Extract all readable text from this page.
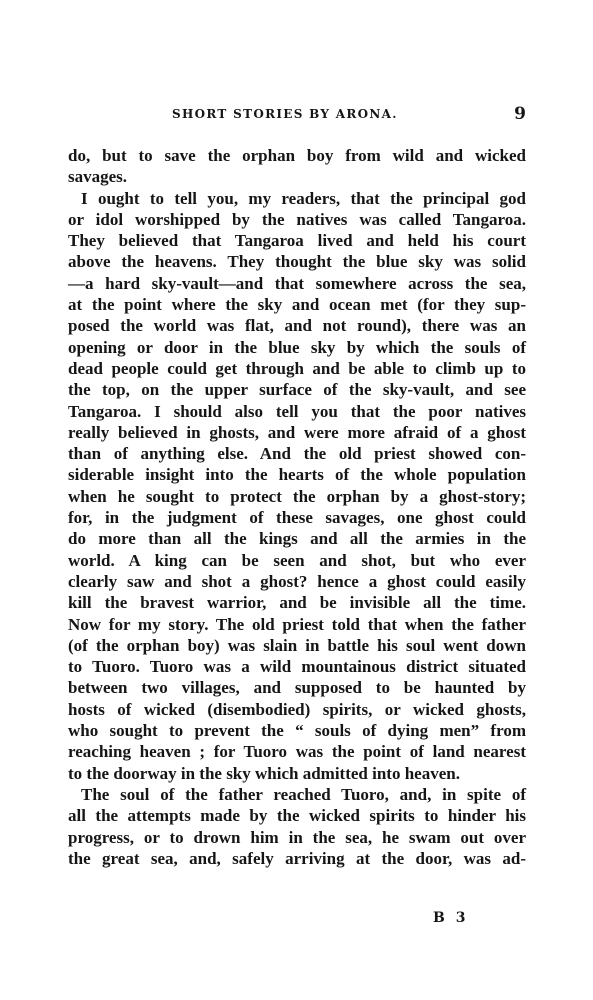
SHORT STORIES BY ARONA.	9
do, but to save the orphan boy from wild and wicked
savages.
I ought to tell you, my readers, that the principal god
or idol worshipped by the natives was called Tangaroa.
They believed that Tangaroa lived and held his court
above the heavens. They thought the blue sky was solid
—a hard sky-vault—and that somewhere across the sea,
at the point where the sky and ocean met (for they sup-
posed the world was flat, and not round), there was an
opening or door in the blue sky by which the souls of
dead people could get through and be able to climb up to
the top, on the upper surface of the sky-vault, and see
Tangaroa. I should also tell you that the poor natives
really believed in ghosts, and were more afraid of a ghost
than of anything else. And the old priest showed con-
siderable insight into the hearts of the whole population
when he sought to protect the orphan by a ghost-story;
for, in the judgment of these savages, one ghost could
do more than all the kings and all the armies in the
world. A king can be seen and shot, but who ever
clearly saw and shot a ghost? hence a ghost could easily
kill the bravest warrior, and be invisible all the time.
Now for my story. The old priest told that when the father
(of the orphan boy) was slain in battle his soul went down
to Tuoro. Tuoro was a wild mountainous district situated
between two villages, and supposed to be haunted by
hosts of wicked (disembodied) spirits, or wicked ghosts,
who sought to prevent the “ souls of dying men” from
reaching heaven ; for Tuoro was the point of land nearest
to the doorway in the sky which admitted into heaven.
The soul of the father reached Tuoro, and, in spite of
all the attempts made by the wicked spirits to hinder his
progress, or to drown him in the sea, he swam out over
the great sea, and, safely arriving at the door, was ad-
B 3
